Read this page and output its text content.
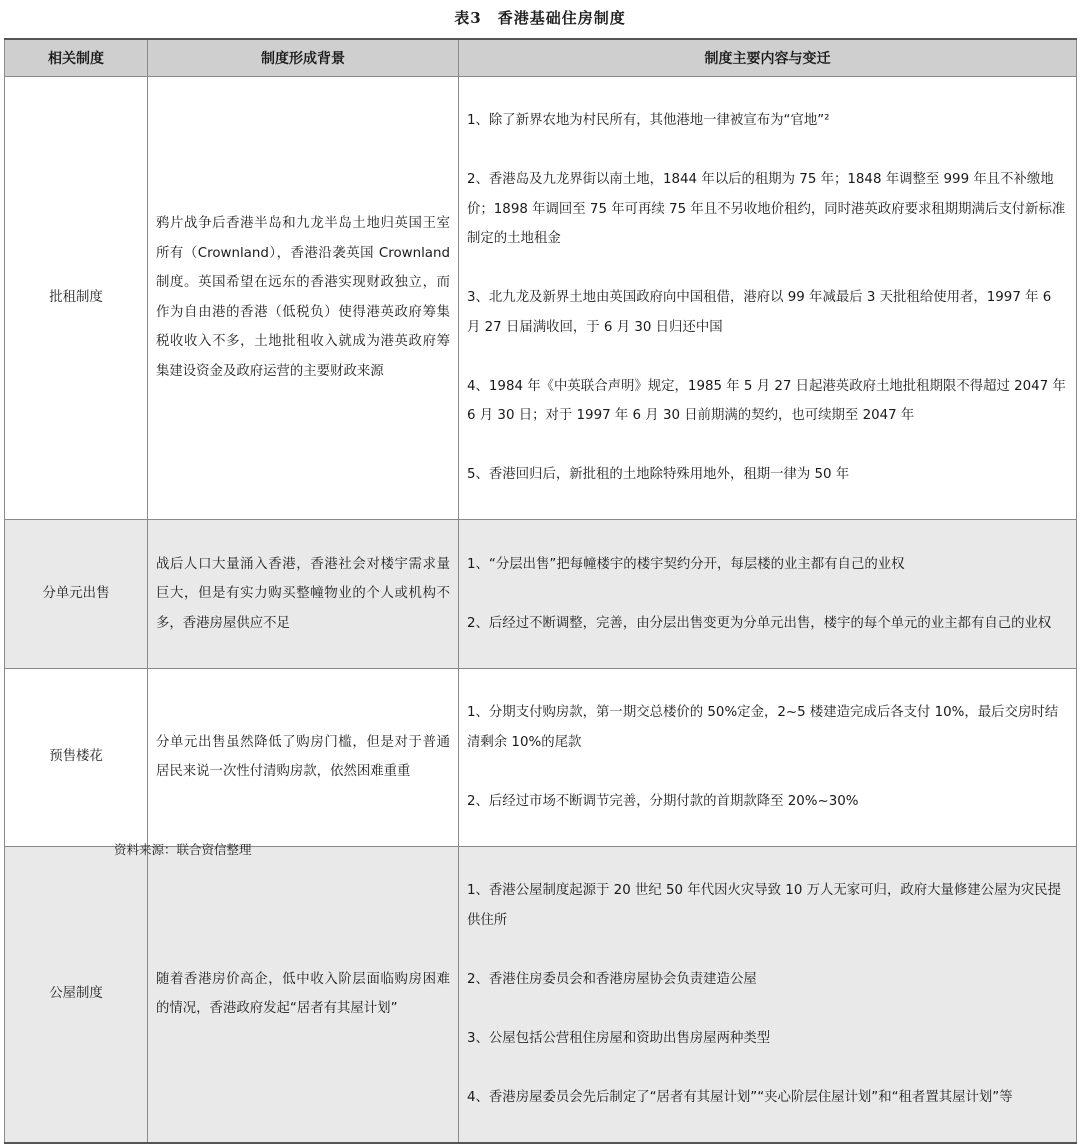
表3　香港基础住房制度
相关制度	制度形成背景	制度主要内容与变迁
批租制度	鸦片战争后香港半岛和九龙半岛土地归英国王室所有（Crownland），香港沿袭英国 Crownland 制度。英国希望在远东的香港实现财政独立，而作为自由港的香港（低税负）使得港英政府筹集税收收入不多，土地批租收入就成为港英政府筹集建设资金及政府运营的主要财政来源	1、除了新界农地为村民所有，其他港地一律被宣布为“官地”²

2、香港岛及九龙界街以南土地，1844 年以后的租期为 75 年；1848 年调整至 999 年且不补缴地价；1898 年调回至 75 年可再续 75 年且不另收地价租约，同时港英政府要求租期期满后支付新标准制定的土地租金

3、北九龙及新界土地由英国政府向中国租借，港府以 99 年减最后 3 天批租给使用者，1997 年 6 月 27 日届满收回，于 6 月 30 日归还中国

4、1984 年《中英联合声明》规定，1985 年 5 月 27 日起港英政府土地批租期限不得超过 2047 年 6 月 30 日；对于 1997 年 6 月 30 日前期满的契约，也可续期至 2047 年

5、香港回归后，新批租的土地除特殊用地外，租期一律为 50 年

分单元出售	战后人口大量涌入香港，香港社会对楼宇需求量巨大，但是有实力购买整幢物业的个人或机构不多，香港房屋供应不足	1、“分层出售”把每幢楼宇的楼宇契约分开，每层楼的业主都有自己的业权

2、后经过不断调整，完善，由分层出售变更为分单元出售，楼宇的每个单元的业主都有自己的业权

预售楼花	分单元出售虽然降低了购房门槛，但是对于普通居民来说一次性付清购房款，依然困难重重	1、分期支付购房款，第一期交总楼价的 50%定金，2~5 楼建造完成后各支付 10%，最后交房时结清剩余 10%的尾款

2、后经过市场不断调节完善，分期付款的首期款降至 20%~30%

公屋制度	随着香港房价高企，低中收入阶层面临购房困难的情况，香港政府发起“居者有其屋计划”	1、香港公屋制度起源于 20 世纪 50 年代因火灾导致 10 万人无家可归，政府大量修建公屋为灾民提供住所

2、香港住房委员会和香港房屋协会负责建造公屋

3、公屋包括公营租住房屋和资助出售房屋两种类型

4、香港房屋委员会先后制定了“居者有其屋计划”“夹心阶层住屋计划”和“租者置其屋计划”等

资料来源：联合资信整理
